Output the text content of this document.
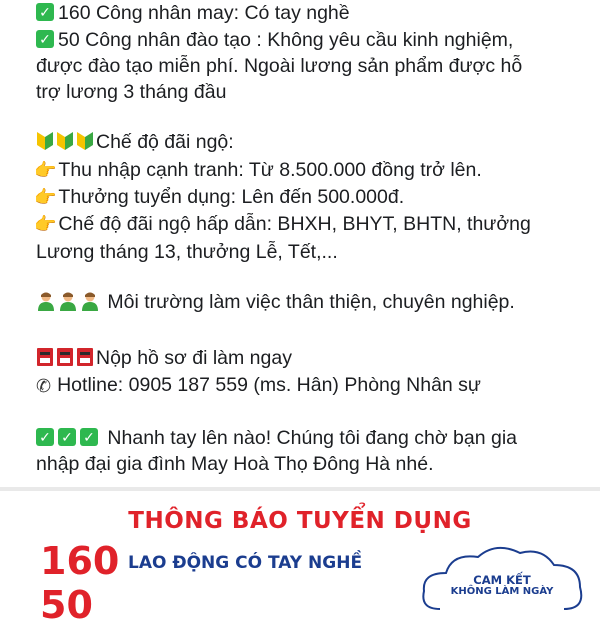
✓ 160 Công nhân may: Có tay nghề
✓ 50 Công nhân đào tạo : Không yêu cầu kinh nghiệm,
được đào tạo miễn phí. Ngoài lương sản phẩm được hỗ
trợ lương 3 tháng đầu
Chế độ đãi ngộ:
👉 Thu nhập cạnh tranh: Từ 8.500.000 đồng trở lên.
👉 Thưởng tuyển dụng: Lên đến 500.000đ.
👉 Chế độ đãi ngộ hấp dẫn: BHXH, BHYT, BHTN, thưởng
Lương tháng 13, thưởng Lễ, Tết,...
Môi trường làm việc thân thiện, chuyên nghiệp.
Nộp hồ sơ đi làm ngay
✆ Hotline: 0905 187 559 (ms. Hân) Phòng Nhân sự
✓ ✓ ✓ Nhanh tay lên nào! Chúng tôi đang chờ bạn gia
nhập đại gia đình May Hoà Thọ Đông Hà nhé.
THÔNG BÁO TUYỂN DỤNG
160
50
LAO ĐỘNG CÓ TAY NGHỀ
CAM KẾT
KHÔNG LÀM NGÀY
